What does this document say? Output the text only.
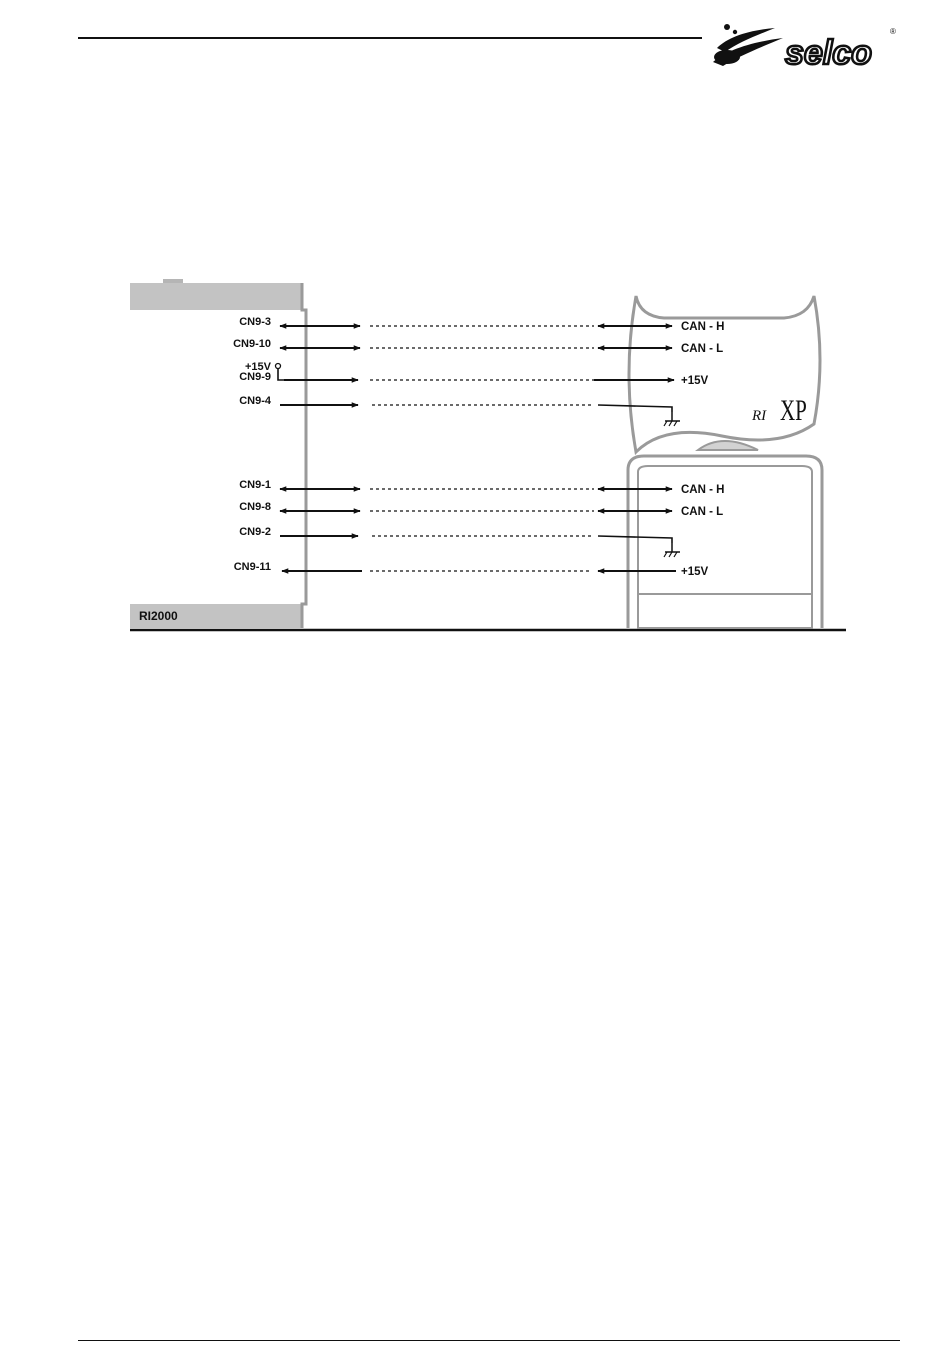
selco
®
RI2000
RI XP
CN9-3	CAN - H
CN9-10	CAN - L
+15V
CN9-9	+15V
CN9-4
CN9-1	CAN - H
CN9-8	CAN - L
CN9-2
CN9-11	+15V
